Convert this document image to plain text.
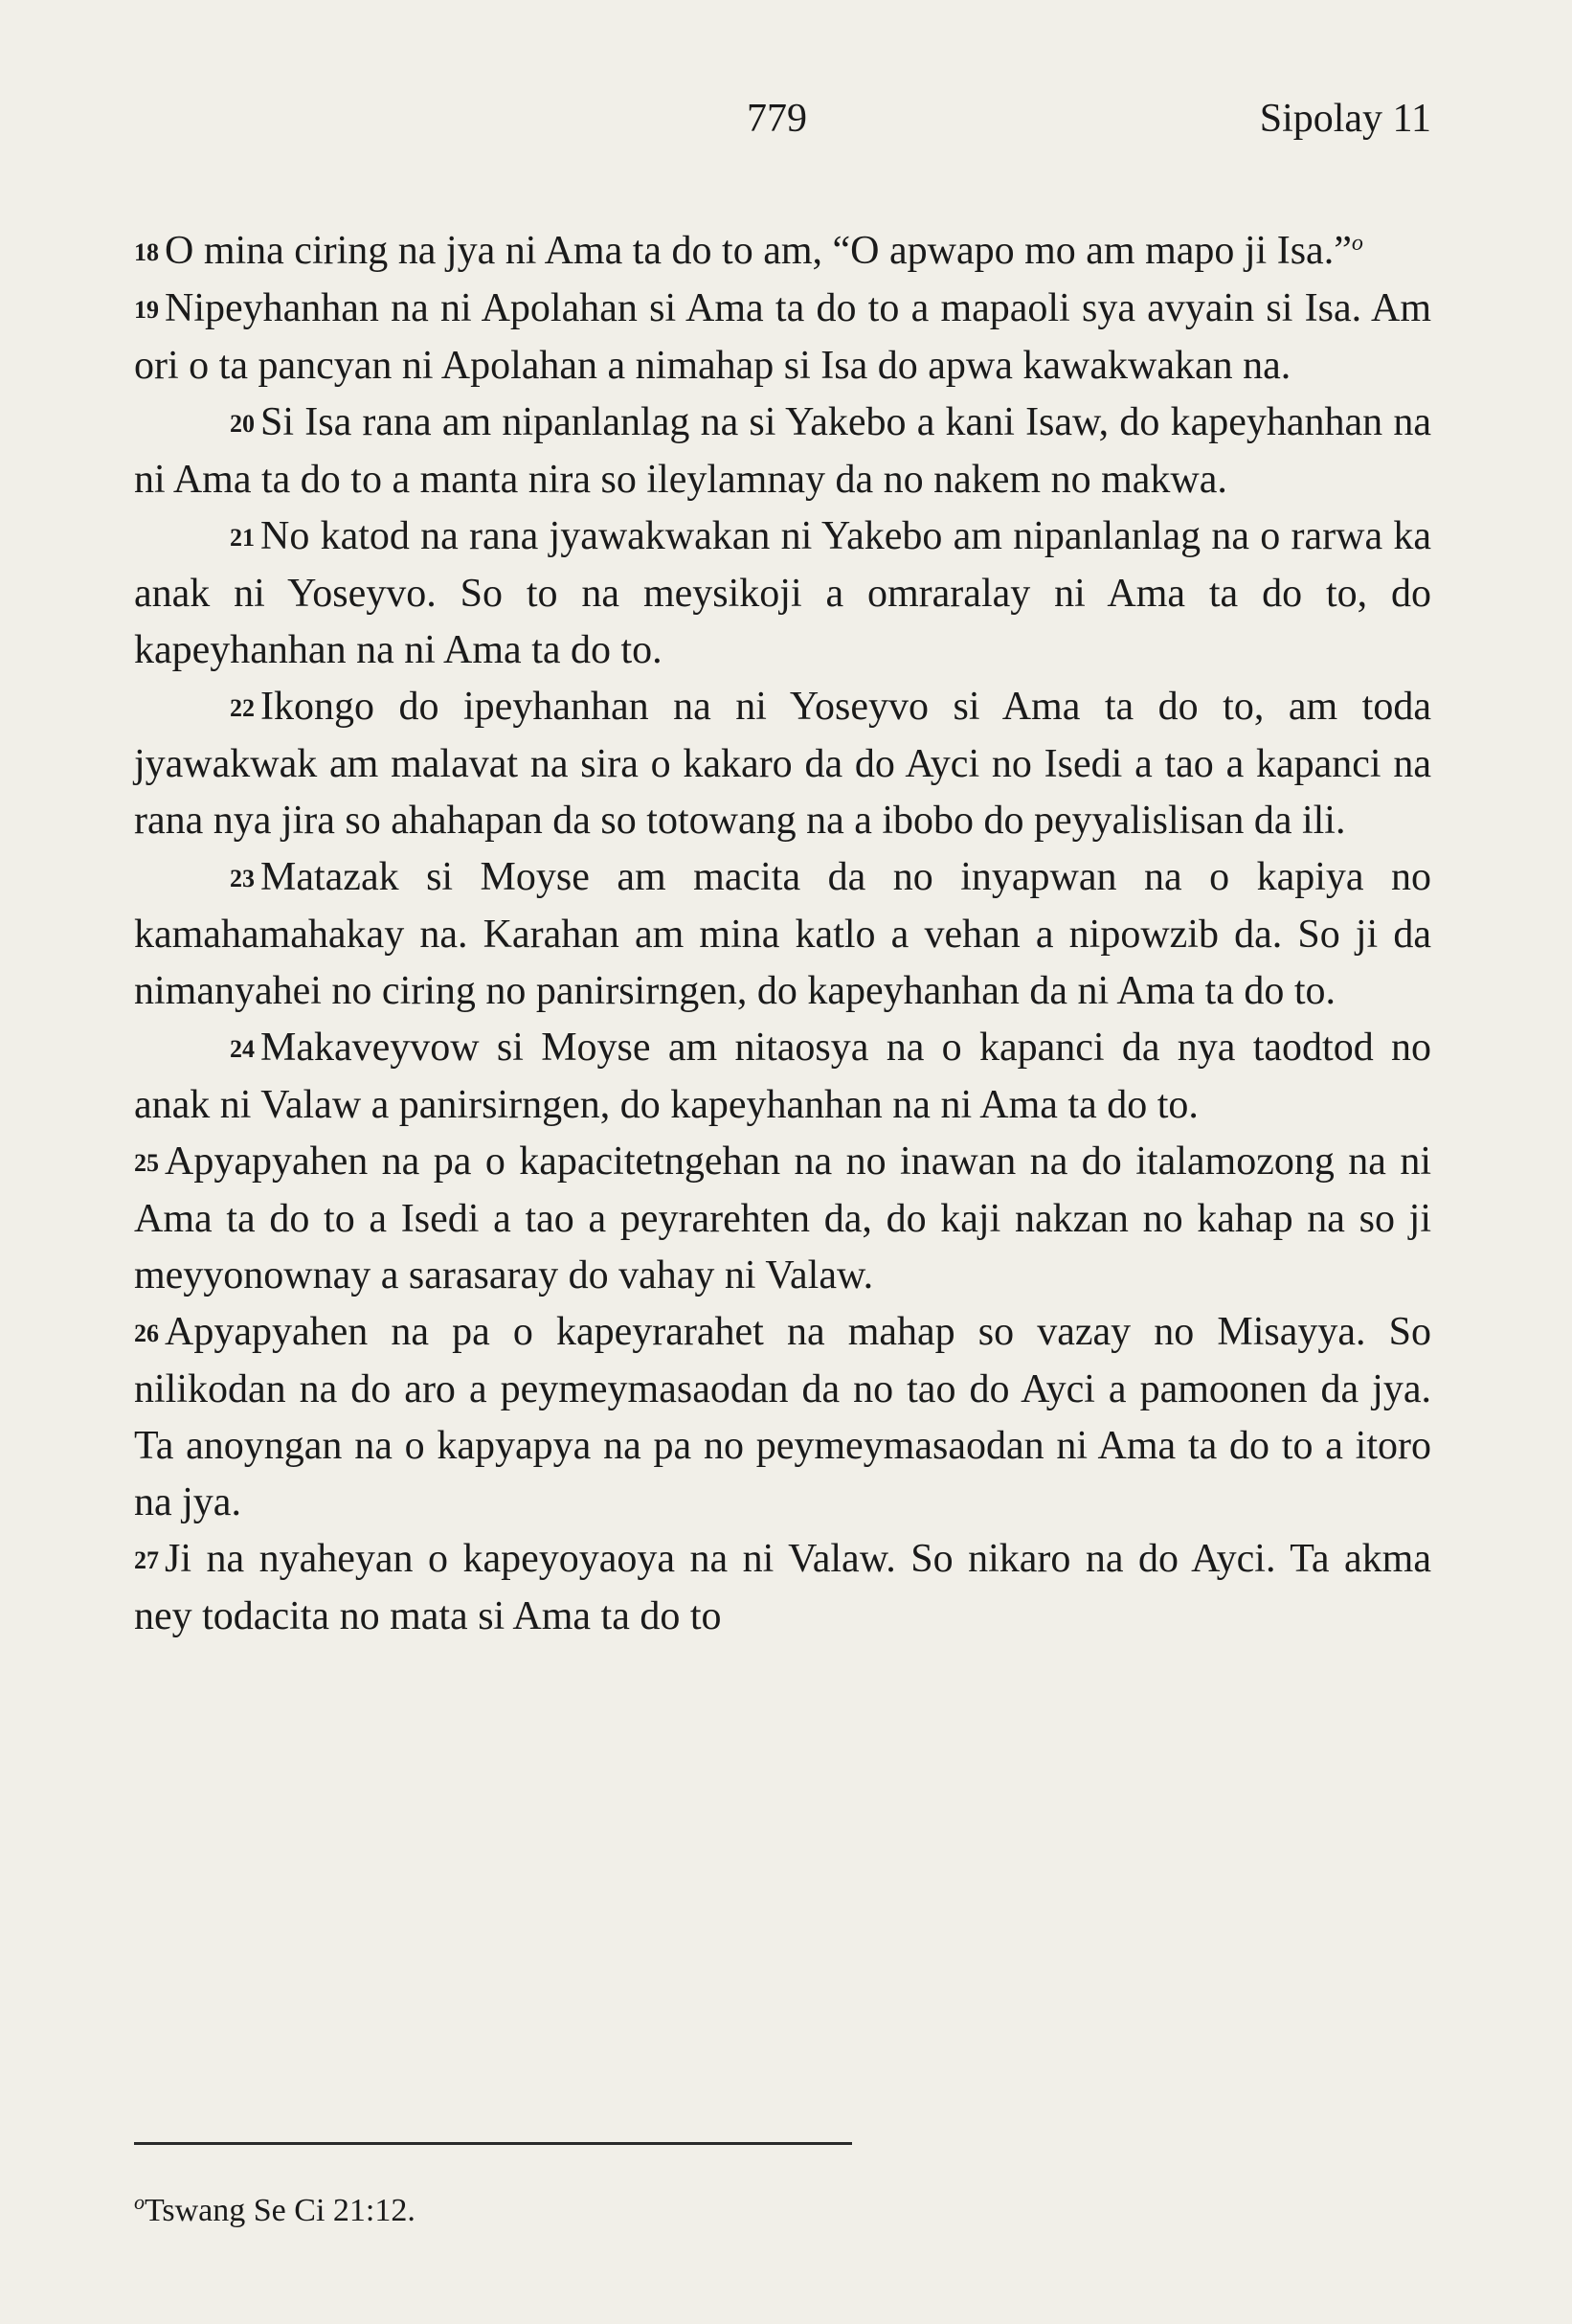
779	Sipolay 11

18 O mina ciring na jya ni Ama ta do to am, “O apwapo mo am mapo ji Isa.”$^o$

19 Nipeyhanhan na ni Apolahan si Ama ta do to a mapaoli sya avyain si Isa. Am ori o ta pancyan ni Apolahan a nimahap si Isa do apwa kawakwakan na.

20 Si Isa rana am nipanlanlag na si Yakebo a kani Isaw, do kapeyhanhan na ni Ama ta do to a manta nira so ileylamnay da no nakem no makwa.

21 No katod na rana jyawakwakan ni Yakebo am nipanlanlag na o rarwa ka anak ni Yoseyvo. So to na meysikoji a omraralay ni Ama ta do to, do kapeyhanhan na ni Ama ta do to.

22 Ikongo do ipeyhanhan na ni Yoseyvo si Ama ta do to, am toda jyawakwak am malavat na sira o kakaro da do Ayci no Isedi a tao a kapanci na rana nya jira so ahahapan da so totowang na a ibobo do peyyalislisan da ili.

23 Matazak si Moyse am macita da no inyapwan na o kapiya no kamahamahakay na. Karahan am mina katlo a vehan a nipowzib da. So ji da nimanyahei no ciring no panirsirngen, do kapeyhanhan da ni Ama ta do to.

24 Makaveyvow si Moyse am nitaosya na o kapanci da nya taodtod no anak ni Valaw a panirsirngen, do kapeyhanhan na ni Ama ta do to.

25 Apyapyahen na pa o kapacitetngehan na no inawan na do italamozong na ni Ama ta do to a Isedi a tao a peyrarehten da, do kaji nakzan no kahap na so ji meyyonownay a sarasaray do vahay ni Valaw.

26 Apyapyahen na pa o kapeyrarahet na mahap so vazay no Misayya. So nilikodan na do aro a peymeymasaodan da no tao do Ayci a pamoonen da jya. Ta anoyngan na o kapyapya na pa no peymeymasaodan ni Ama ta do to a itoro na jya.

27 Ji na nyaheyan o kapeyoyaoya na ni Valaw. So nikaro na do Ayci. Ta akma ney todacita no mata si Ama ta do to

$^o$Tswang Se Ci 21:12.
